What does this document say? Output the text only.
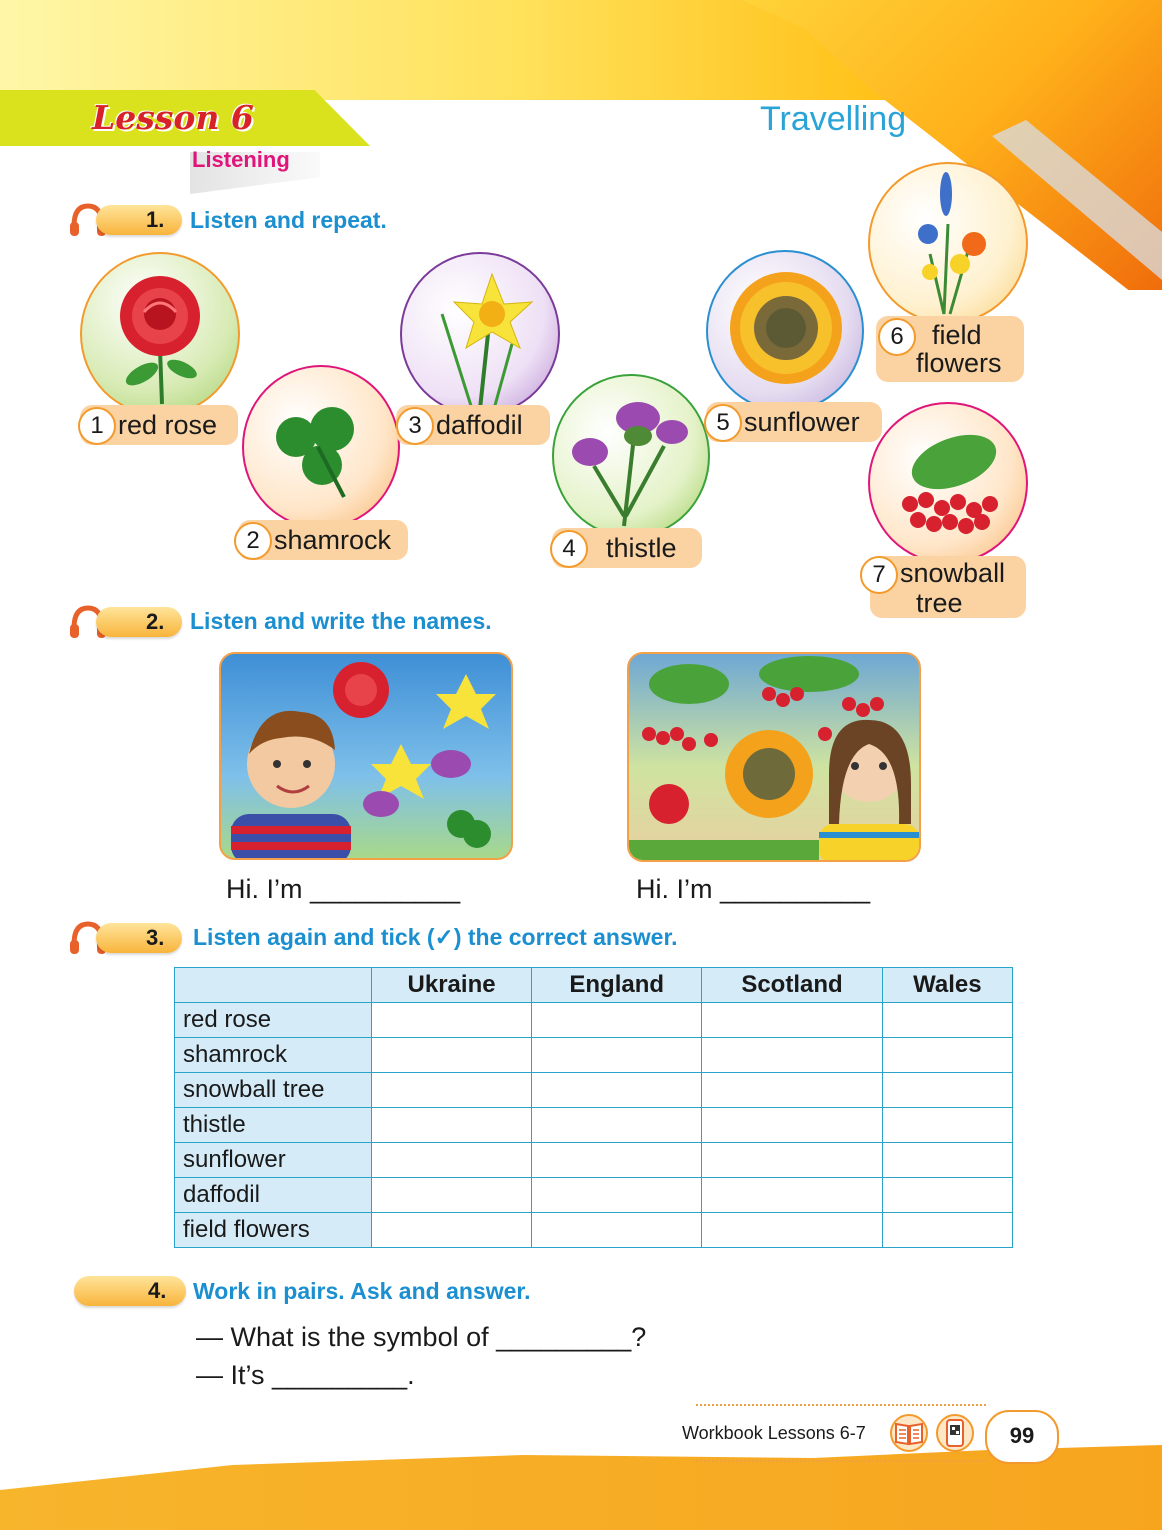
Lesson 6	Travelling
Listening
1. Listen and repeat.
1 red rose
2 shamrock
3 daffodil
4	thistle
5 sunflower
6	field
flowers
7 snowball
tree
2. Listen and write the names.
Hi. I’m __________	Hi. I’m __________
3. Listen again and tick (✓) the correct answer.
	Ukraine	England	Scotland	Wales
red rose				
shamrock				
snowball tree				
thistle				
sunflower				
daffodil				
field flowers				
4. Work in pairs. Ask and answer.
— What is the symbol of _________?
— It’s _________.
Workbook Lessons 6-7	99
